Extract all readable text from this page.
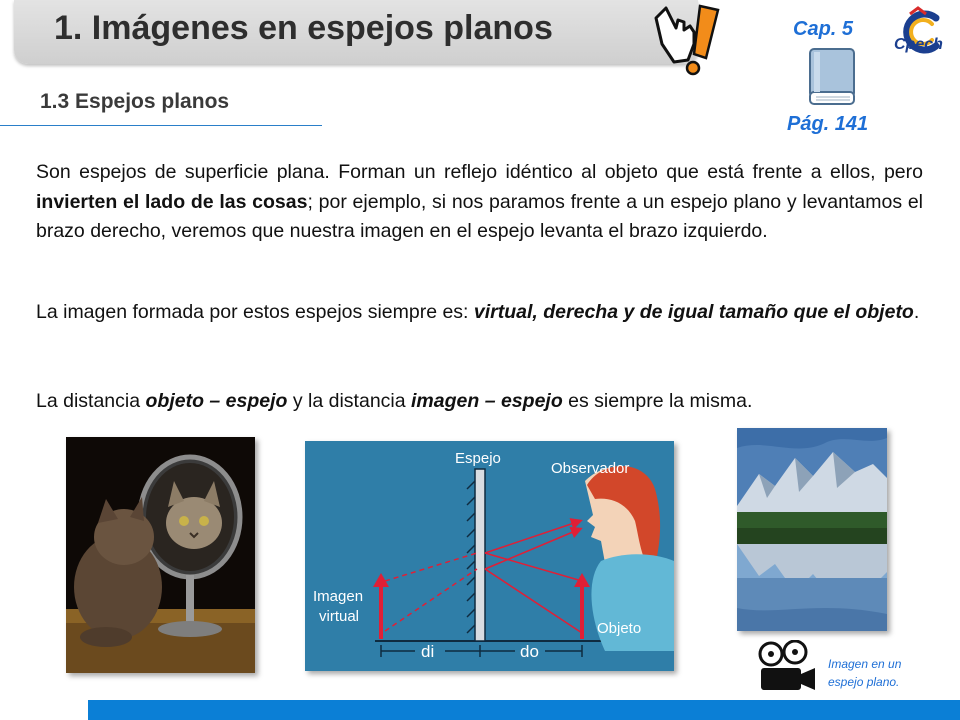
1. Imágenes en espejos planos	Cap. 5
Pág. 141
Cpech
1.3 Espejos planos

Son espejos de superficie plana. Forman un reflejo idéntico al objeto que está frente a ellos, pero invierten el lado de las cosas; por ejemplo, si nos paramos frente a un espejo plano y levantamos el brazo derecho, veremos que nuestra imagen en el espejo levanta el brazo izquierdo.

La imagen formada por estos espejos siempre es: virtual, derecha y de igual tamaño que el objeto.

La distancia objeto – espejo y la distancia imagen – espejo es siempre la misma.

Espejo
Observador
Imagen
virtual
Objeto
di	do
Imagen en un espejo plano.
